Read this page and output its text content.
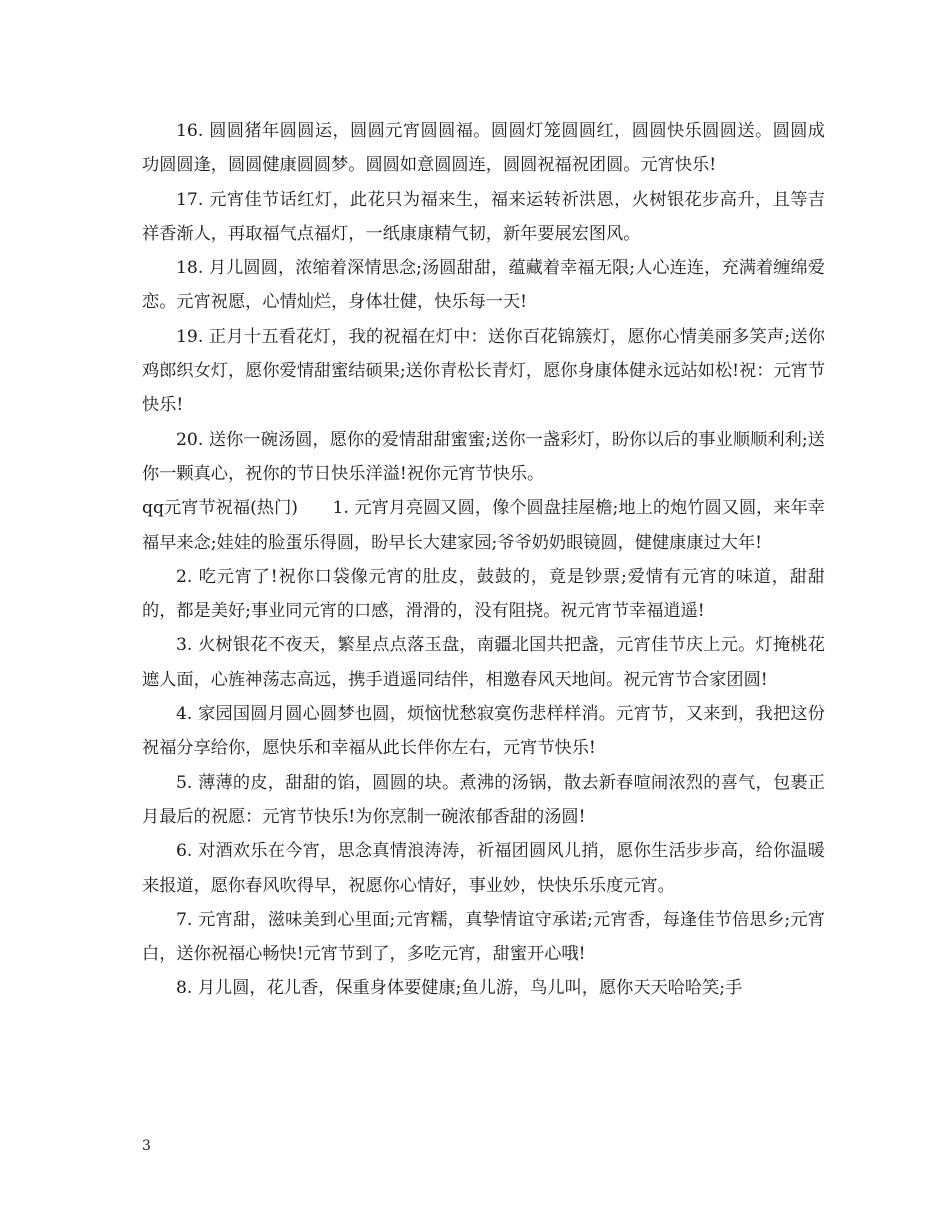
16. 圆圆猪年圆圆运，圆圆元宵圆圆福。圆圆灯笼圆圆红，圆圆快乐圆圆送。圆圆成功圆圆逢，圆圆健康圆圆梦。圆圆如意圆圆连，圆圆祝福祝团圆。元宵快乐!

17. 元宵佳节话红灯，此花只为福来生，福来运转祈洪恩，火树银花步高升，且等吉祥香渐人，再取福气点福灯，一纸康康精气韧，新年要展宏图风。

18. 月儿圆圆，浓缩着深情思念;汤圆甜甜，蕴藏着幸福无限;人心连连，充满着缠绵爱恋。元宵祝愿，心情灿烂，身体壮健，快乐每一天!

19. 正月十五看花灯，我的祝福在灯中：送你百花锦簇灯，愿你心情美丽多笑声;送你鸡郎织女灯，愿你爱情甜蜜结硕果;送你青松长青灯，愿你身康体健永远站如松!祝：元宵节快乐!

20. 送你一碗汤圆，愿你的爱情甜甜蜜蜜;送你一盏彩灯，盼你以后的事业顺顺利利;送你一颗真心，祝你的节日快乐洋溢!祝你元宵节快乐。

qq元宵节祝福(热门)　　1. 元宵月亮圆又圆，像个圆盘挂屋檐;地上的炮竹圆又圆，来年幸福早来念;娃娃的脸蛋乐得圆，盼早长大建家园;爷爷奶奶眼镜圆，健健康康过大年!

2. 吃元宵了!祝你口袋像元宵的肚皮，鼓鼓的，竟是钞票;爱情有元宵的味道，甜甜的，都是美好;事业同元宵的口感，滑滑的，没有阻挠。祝元宵节幸福逍遥!

3. 火树银花不夜天，繁星点点落玉盘，南疆北国共把盏，元宵佳节庆上元。灯掩桃花遮人面，心旌神荡志高远，携手逍遥同结伴，相邀春风天地间。祝元宵节合家团圆!

4. 家园国圆月圆心圆梦也圆，烦恼忧愁寂寞伤悲样样消。元宵节，又来到，我把这份祝福分享给你，愿快乐和幸福从此长伴你左右，元宵节快乐!

5. 薄薄的皮，甜甜的馅，圆圆的块。煮沸的汤锅，散去新春喧闹浓烈的喜气，包裹正月最后的祝愿：元宵节快乐!为你烹制一碗浓郁香甜的汤圆!

6. 对酒欢乐在今宵，思念真情浪涛涛，祈福团圆风儿捎，愿你生活步步高，给你温暖来报道，愿你春风吹得早，祝愿你心情好，事业妙，快快乐乐度元宵。

7. 元宵甜，滋味美到心里面;元宵糯，真挚情谊守承诺;元宵香，每逢佳节倍思乡;元宵白，送你祝福心畅快!元宵节到了，多吃元宵，甜蜜开心哦!

8. 月儿圆，花儿香，保重身体要健康;鱼儿游，鸟儿叫，愿你天天哈哈笑;手

3
